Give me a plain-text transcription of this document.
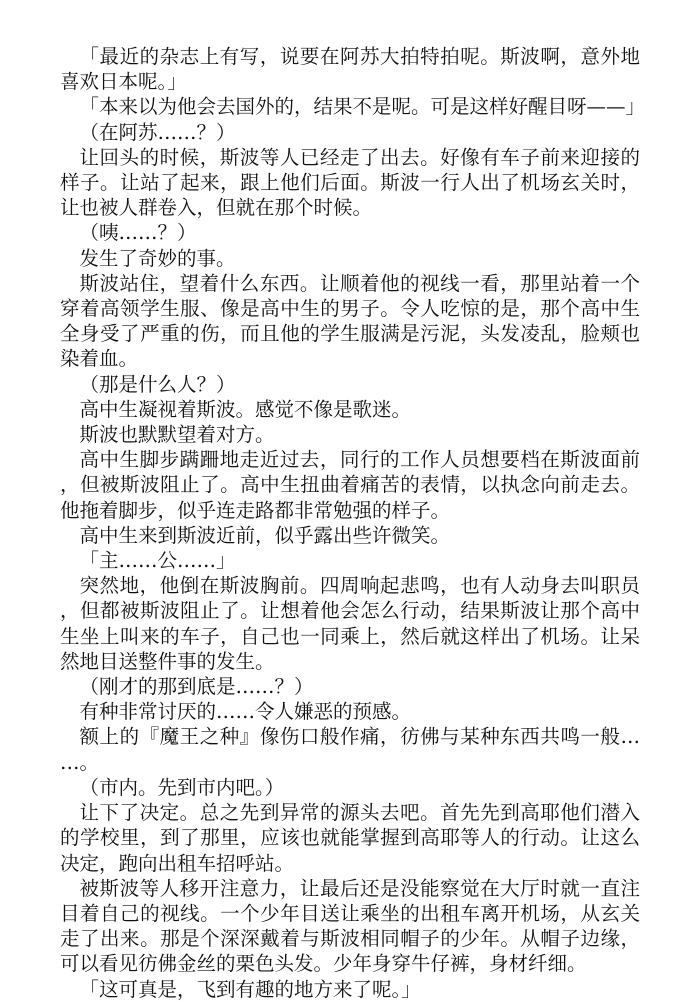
「最近的杂志上有写，说要在阿苏大拍特拍呢。斯波啊，意外地喜欢日本呢。」

「本来以为他会去国外的，结果不是呢。可是这样好醒目呀——」

（在阿苏……？）

让回头的时候，斯波等人已经走了出去。好像有车子前来迎接的样子。让站了起来，跟上他们后面。斯波一行人出了机场玄关时，让也被人群卷入，但就在那个时候。

（咦……？）

发生了奇妙的事。

斯波站住，望着什么东西。让顺着他的视线一看，那里站着一个穿着高领学生服、像是高中生的男子。令人吃惊的是，那个高中生全身受了严重的伤，而且他的学生服满是污泥，头发凌乱，脸颊也染着血。

（那是什么人？）

高中生凝视着斯波。感觉不像是歌迷。

斯波也默默望着对方。

高中生脚步蹒跚地走近过去，同行的工作人员想要档在斯波面前，但被斯波阻止了。高中生扭曲着痛苦的表情，以执念向前走去。他拖着脚步，似乎连走路都非常勉强的样子。

高中生来到斯波近前，似乎露出些许微笑。

「主……公……」

突然地，他倒在斯波胸前。四周响起悲鸣，也有人动身去叫职员，但都被斯波阻止了。让想着他会怎么行动，结果斯波让那个高中生坐上叫来的车子，自己也一同乘上，然后就这样出了机场。让呆然地目送整件事的发生。

（刚才的那到底是……？）

有种非常讨厌的……令人嫌恶的预感。

额上的『魔王之种』像伤口般作痛，彷佛与某种东西共鸣一般……。

（市内。先到市内吧。）

让下了决定。总之先到异常的源头去吧。首先先到高耶他们潜入的学校里，到了那里，应该也就能掌握到高耶等人的行动。让这么决定，跑向出租车招呼站。

被斯波等人移开注意力，让最后还是没能察觉在大厅时就一直注目着自己的视线。一个少年目送让乘坐的出租车离开机场，从玄关走了出来。那是个深深戴着与斯波相同帽子的少年。从帽子边缘，可以看见彷佛金丝的栗色头发。少年身穿牛仔裤，身材纤细。

「这可真是，飞到有趣的地方来了呢。」
